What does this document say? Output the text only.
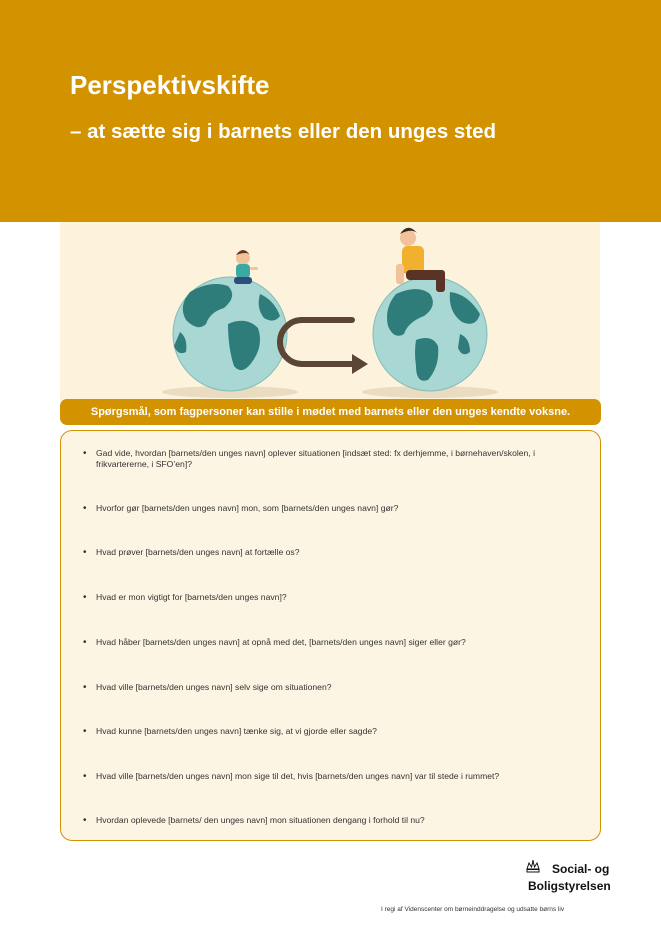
Perspektivskifte
– at sætte sig i barnets eller den unges sted
Spørgsmål, som fagpersoner kan stille i mødet med barnets eller den unges kendte voksne.
• Gad vide, hvordan [barnets/den unges navn] oplever situationen [indsæt sted: fx derhjemme, i børnehaven/skolen, i frikvartererne, i SFO’en]?
• Hvorfor gør [barnets/den unges navn] mon, som [barnets/den unges navn] gør?
• Hvad prøver [barnets/den unges navn] at fortælle os?
• Hvad er mon vigtigt for [barnets/den unges navn]?
• Hvad håber [barnets/den unges navn] at opnå med det, [barnets/den unges navn] siger eller gør?
• Hvad ville [barnets/den unges navn] selv sige om situationen?
• Hvad kunne [barnets/den unges navn] tænke sig, at vi gjorde eller sagde?
• Hvad ville [barnets/den unges navn] mon sige til det, hvis [barnets/den unges navn] var til stede i rummet?
• Hvordan oplevede [barnets/ den unges navn] mon situationen dengang i forhold til nu?
Social- og
Boligstyrelsen
I regi af Videnscenter om børneinddragelse og udsatte børns liv
